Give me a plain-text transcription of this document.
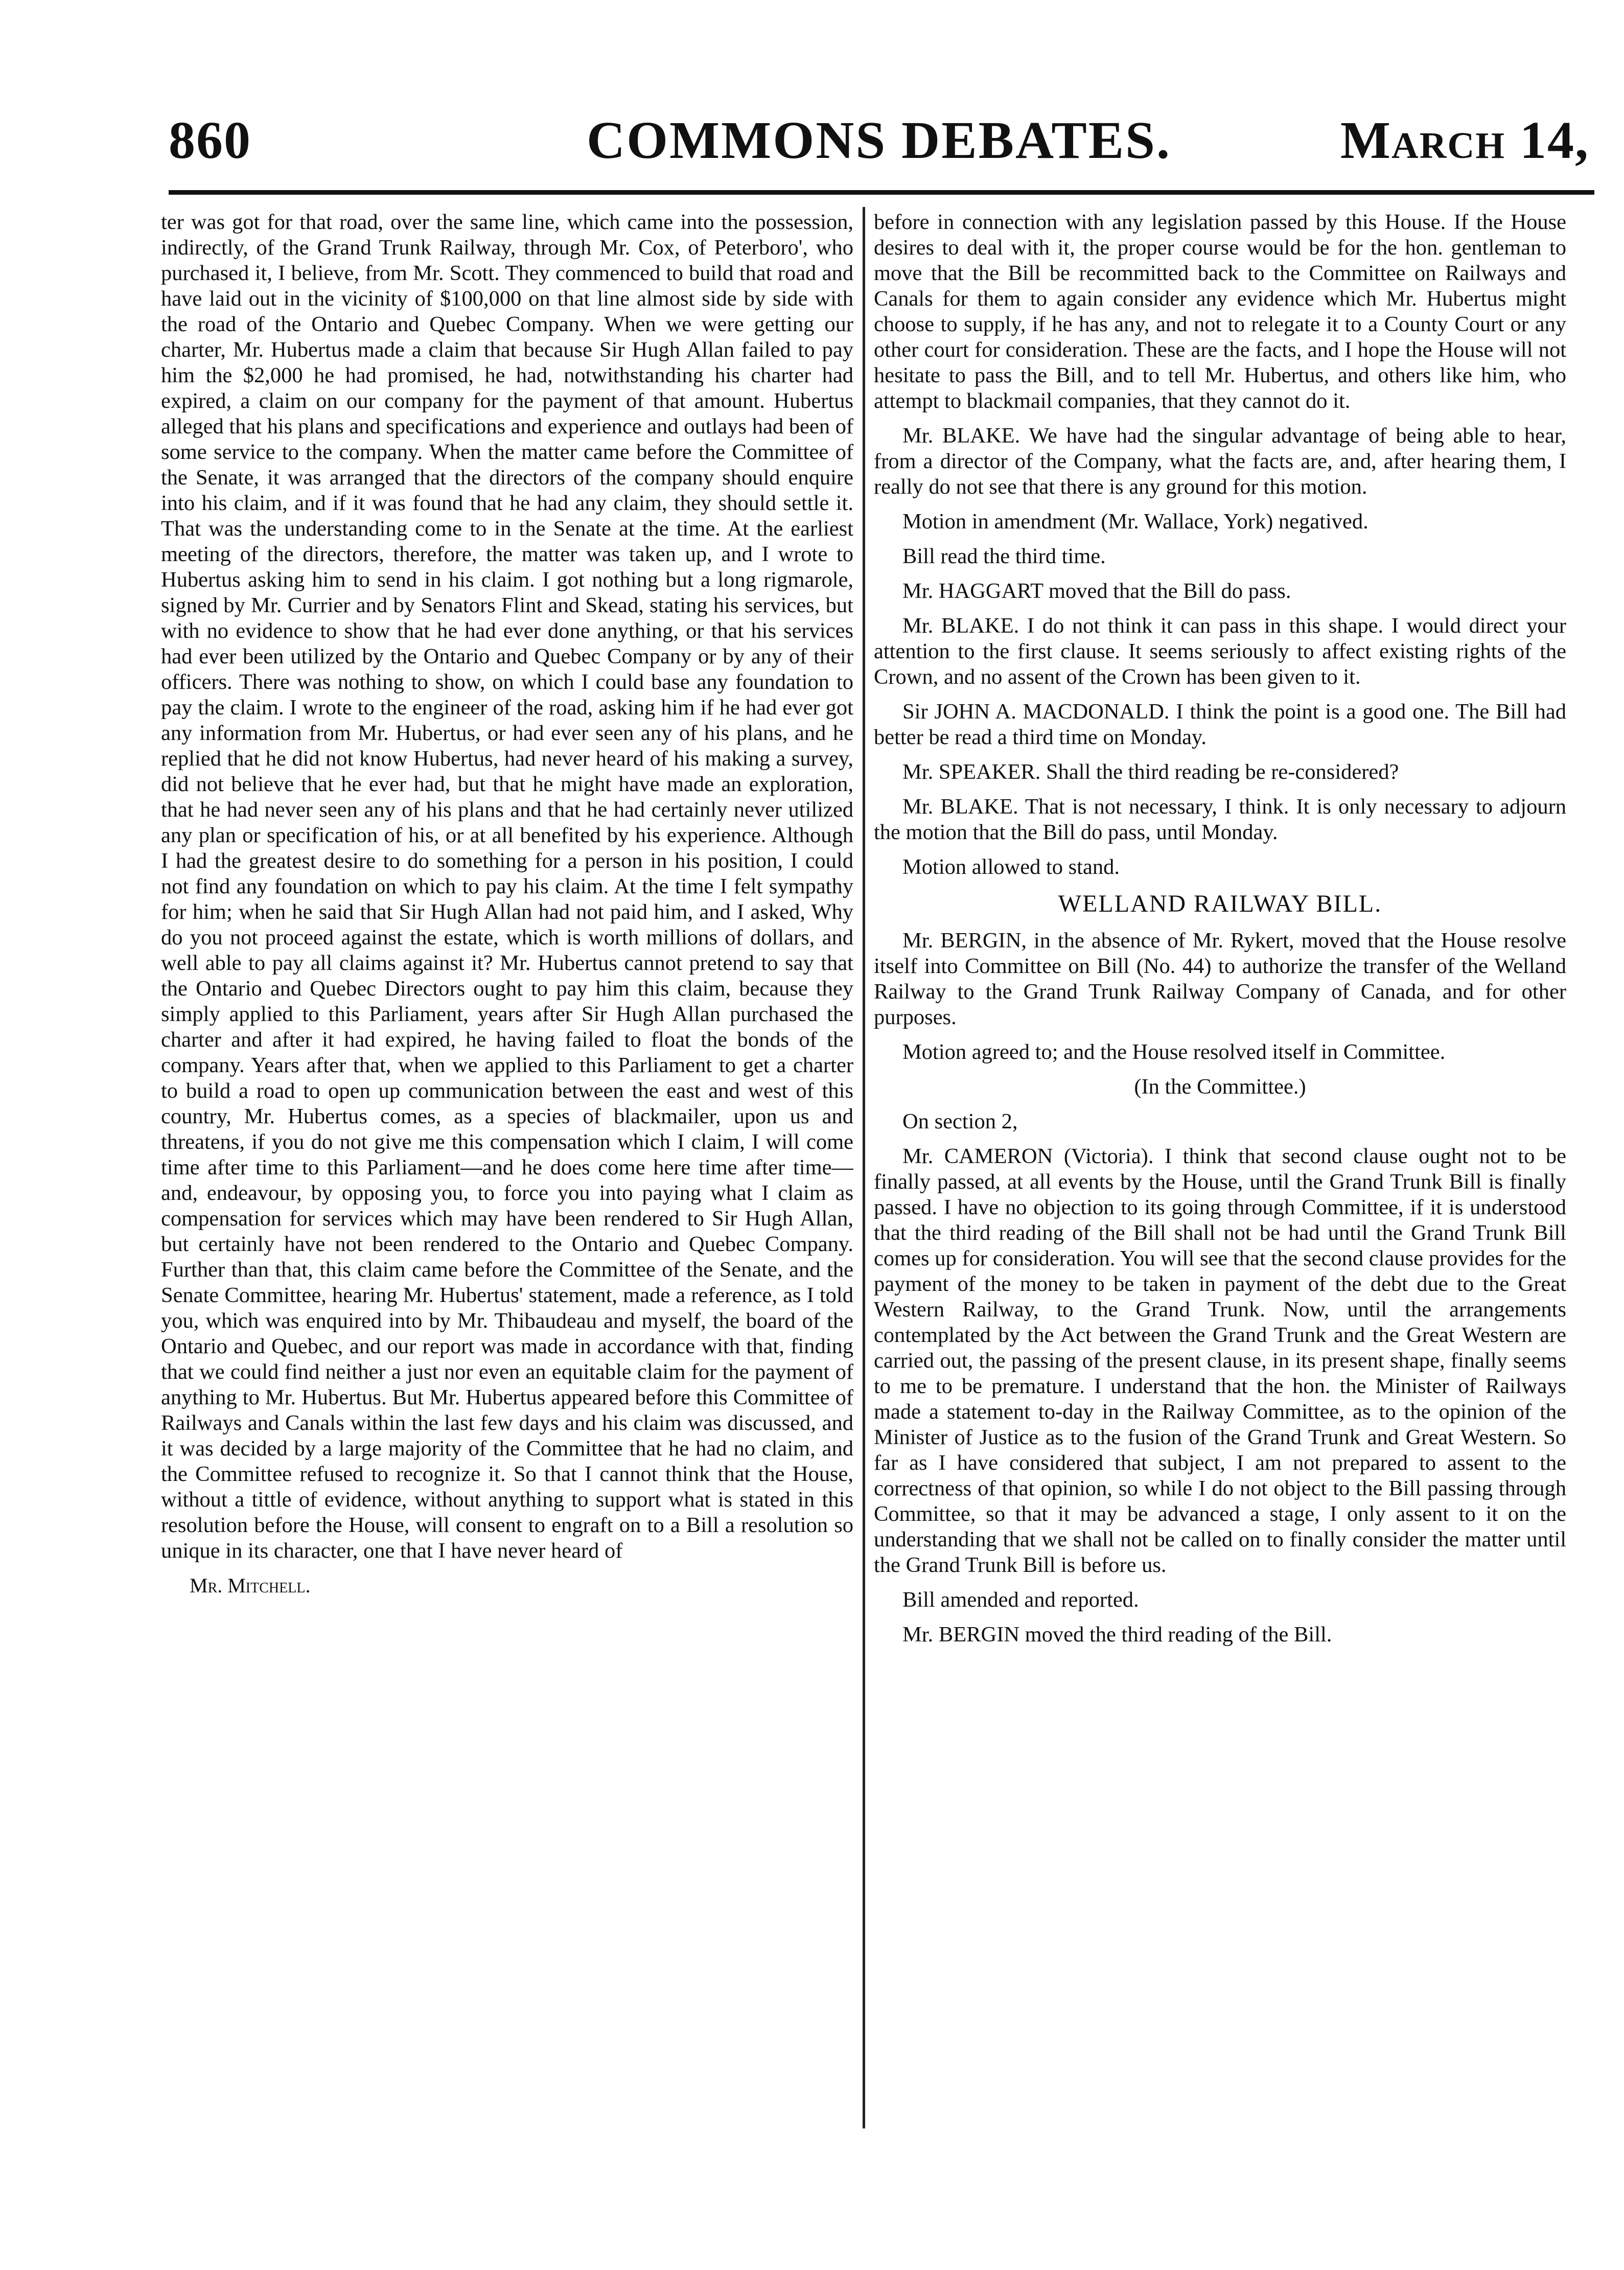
860	COMMONS DEBATES.	March 14,

ter was got for that road, over the same line, which came into the possession, indirectly, of the Grand Trunk Railway, through Mr. Cox, of Peterboro', who purchased it, I believe, from Mr. Scott. They commenced to build that road and have laid out in the vicinity of $100,000 on that line almost side by side with the road of the Ontario and Quebec Company. When we were getting our charter, Mr. Hubertus made a claim that because Sir Hugh Allan failed to pay him the $2,000 he had promised, he had, notwithstanding his charter had expired, a claim on our company for the payment of that amount. Hubertus alleged that his plans and specifications and experience and outlays had been of some service to the company. When the matter came before the Committee of the Senate, it was arranged that the directors of the company should enquire into his claim, and if it was found that he had any claim, they should settle it. That was the understanding come to in the Senate at the time. At the earliest meeting of the directors, therefore, the matter was taken up, and I wrote to Hubertus asking him to send in his claim. I got nothing but a long rigmarole, signed by Mr. Currier and by Senators Flint and Skead, stating his services, but with no evidence to show that he had ever done anything, or that his services had ever been utilized by the Ontario and Quebec Company or by any of their officers. There was nothing to show, on which I could base any foundation to pay the claim. I wrote to the engineer of the road, asking him if he had ever got any information from Mr. Hubertus, or had ever seen any of his plans, and he replied that he did not know Hubertus, had never heard of his making a survey, did not believe that he ever had, but that he might have made an exploration, that he had never seen any of his plans and that he had certainly never utilized any plan or specification of his, or at all benefited by his experience. Although I had the greatest desire to do something for a person in his position, I could not find any foundation on which to pay his claim. At the time I felt sympathy for him; when he said that Sir Hugh Allan had not paid him, and I asked, Why do you not proceed against the estate, which is worth millions of dollars, and well able to pay all claims against it? Mr. Hubertus cannot pretend to say that the Ontario and Quebec Directors ought to pay him this claim, because they simply applied to this Parliament, years after Sir Hugh Allan purchased the charter and after it had expired, he having failed to float the bonds of the company. Years after that, when we applied to this Parliament to get a charter to build a road to open up communication between the east and west of this country, Mr. Hubertus comes, as a species of blackmailer, upon us and threatens, if you do not give me this compensation which I claim, I will come time after time to this Parliament—and he does come here time after time—and, endeavour, by opposing you, to force you into paying what I claim as compensation for services which may have been rendered to Sir Hugh Allan, but certainly have not been rendered to the Ontario and Quebec Company. Further than that, this claim came before the Committee of the Senate, and the Senate Committee, hearing Mr. Hubertus' statement, made a reference, as I told you, which was enquired into by Mr. Thibaudeau and myself, the board of the Ontario and Quebec, and our report was made in accordance with that, finding that we could find neither a just nor even an equitable claim for the payment of anything to Mr. Hubertus. But Mr. Hubertus appeared before this Committee of Railways and Canals within the last few days and his claim was discussed, and it was decided by a large majority of the Committee that he had no claim, and the Committee refused to recognize it. So that I cannot think that the House, without a tittle of evidence, without anything to support what is stated in this resolution before the House, will consent to engraft on to a Bill a resolution so unique in its character, one that I have never heard of

Mr. Mitchell.

before in connection with any legislation passed by this House. If the House desires to deal with it, the proper course would be for the hon. gentleman to move that the Bill be recommitted back to the Committee on Railways and Canals for them to again consider any evidence which Mr. Hubertus might choose to supply, if he has any, and not to relegate it to a County Court or any other court for consideration. These are the facts, and I hope the House will not hesitate to pass the Bill, and to tell Mr. Hubertus, and others like him, who attempt to blackmail companies, that they cannot do it.

Mr. BLAKE. We have had the singular advantage of being able to hear, from a director of the Company, what the facts are, and, after hearing them, I really do not see that there is any ground for this motion.

Motion in amendment (Mr. Wallace, York) negatived.

Bill read the third time.

Mr. HAGGART moved that the Bill do pass.

Mr. BLAKE. I do not think it can pass in this shape. I would direct your attention to the first clause. It seems seriously to affect existing rights of the Crown, and no assent of the Crown has been given to it.

Sir JOHN A. MACDONALD. I think the point is a good one. The Bill had better be read a third time on Monday.

Mr. SPEAKER. Shall the third reading be re-considered?

Mr. BLAKE. That is not necessary, I think. It is only necessary to adjourn the motion that the Bill do pass, until Monday.

Motion allowed to stand.

WELLAND RAILWAY BILL.

Mr. BERGIN, in the absence of Mr. Rykert, moved that the House resolve itself into Committee on Bill (No. 44) to authorize the transfer of the Welland Railway to the Grand Trunk Railway Company of Canada, and for other purposes.

Motion agreed to; and the House resolved itself in Committee.

(In the Committee.)

On section 2,

Mr. CAMERON (Victoria). I think that second clause ought not to be finally passed, at all events by the House, until the Grand Trunk Bill is finally passed. I have no objection to its going through Committee, if it is understood that the third reading of the Bill shall not be had until the Grand Trunk Bill comes up for consideration. You will see that the second clause provides for the payment of the money to be taken in payment of the debt due to the Great Western Railway, to the Grand Trunk. Now, until the arrangements contemplated by the Act between the Grand Trunk and the Great Western are carried out, the passing of the present clause, in its present shape, finally seems to me to be premature. I understand that the hon. the Minister of Railways made a statement to-day in the Railway Committee, as to the opinion of the Minister of Justice as to the fusion of the Grand Trunk and Great Western. So far as I have considered that subject, I am not prepared to assent to the correctness of that opinion, so while I do not object to the Bill passing through Committee, so that it may be advanced a stage, I only assent to it on the understanding that we shall not be called on to finally consider the matter until the Grand Trunk Bill is before us.

Bill amended and reported.

Mr. BERGIN moved the third reading of the Bill.
